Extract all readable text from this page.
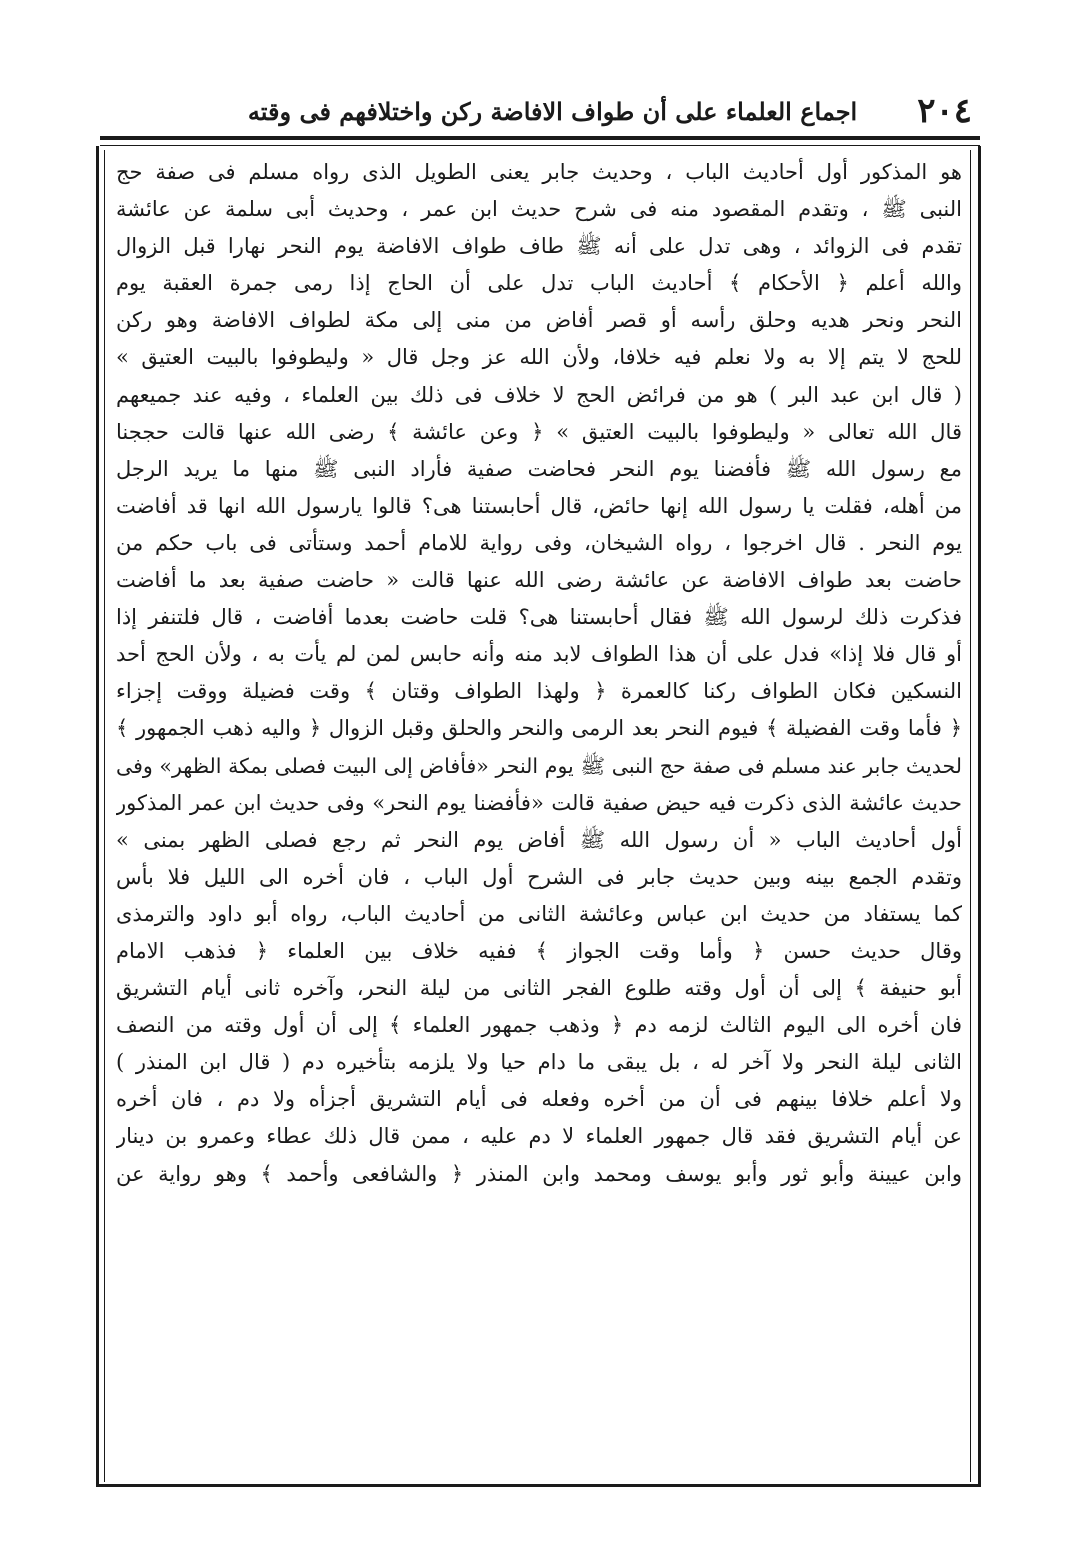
٢٠٤
اجماع العلماء على أن طواف الافاضة ركن واختلافهم فى وقته
هو المذكور أول أحاديث الباب ، وحديث جابر يعنى الطويل الذى رواه مسلم فى صفة حج
النبى ﷺ ، وتقدم المقصود منه فى شرح حديث ابن عمر ، وحديث أبى سلمة عن عائشة
تقدم فى الزوائد ، وهى تدل على أنه ﷺ طاف طواف الافاضة يوم النحر نهارا قبل الزوال
والله أعلم ﴿ الأحكام ﴾ أحاديث الباب تدل على أن الحاج إذا رمى جمرة العقبة يوم
النحر ونحر هديه وحلق رأسه أو قصر أفاض من منى إلى مكة لطواف الافاضة وهو ركن
للحج لا يتم إلا به ولا نعلم فيه خلافا، ولأن الله عز وجل قال « وليطوفوا بالبيت العتيق »
( قال ابن عبد البر ) هو من فرائض الحج لا خلاف فى ذلك بين العلماء ، وفيه عند جميعهم
قال الله تعالى « وليطوفوا بالبيت العتيق » ﴿ وعن عائشة ﴾ رضى الله عنها قالت حججنا
مع رسول الله ﷺ فأفضنا يوم النحر فحاضت صفية فأراد النبى ﷺ منها ما يريد الرجل
من أهله، فقلت يا رسول الله إنها حائض، قال أحابستنا هى؟ قالوا يارسول الله انها قد أفاضت
يوم النحر . قال اخرجوا ، رواه الشيخان، وفى رواية للامام أحمد وستأتى فى باب حكم من
حاضت بعد طواف الافاضة عن عائشة رضى الله عنها قالت « حاضت صفية بعد ما أفاضت
فذكرت ذلك لرسول الله ﷺ فقال أحابستنا هى؟ قلت حاضت بعدما أفاضت ، قال فلتنفر إذا
أو قال فلا إذا» فدل على أن هذا الطواف لابد منه وأنه حابس لمن لم يأت به ، ولأن الحج أحد
النسكين فكان الطواف ركنا كالعمرة ﴿ ولهذا الطواف وقتان ﴾ وقت فضيلة ووقت إجزاء
﴿ فأما وقت الفضيلة ﴾ فيوم النحر بعد الرمى والنحر والحلق وقبل الزوال ﴿ واليه ذهب الجمهور ﴾
لحديث جابر عند مسلم فى صفة حج النبى ﷺ يوم النحر «فأفاض إلى البيت فصلى بمكة الظهر» وفى
حديث عائشة الذى ذكرت فيه حيض صفية قالت «فأفضنا يوم النحر» وفى حديث ابن عمر المذكور
أول أحاديث الباب « أن رسول الله ﷺ أفاض يوم النحر ثم رجع فصلى الظهر بمنى »
وتقدم الجمع بينه وبين حديث جابر فى الشرح أول الباب ، فان أخره الى الليل فلا بأس
كما يستفاد من حديث ابن عباس وعائشة الثانى من أحاديث الباب، رواه أبو داود والترمذى
وقال حديث حسن ﴿ وأما وقت الجواز ﴾ ففيه خلاف بين العلماء ﴿ فذهب الامام
أبو حنيفة ﴾ إلى أن أول وقته طلوع الفجر الثانى من ليلة النحر، وآخره ثانى أيام التشريق
فان أخره الى اليوم الثالث لزمه دم ﴿ وذهب جمهور العلماء ﴾ إلى أن أول وقته من النصف
الثانى ليلة النحر ولا آخر له ، بل يبقى ما دام حيا ولا يلزمه بتأخيره دم ( قال ابن المنذر )
ولا أعلم خلافا بينهم فى أن من أخره وفعله فى أيام التشريق أجزأه ولا دم ، فان أخره
عن أيام التشريق فقد قال جمهور العلماء لا دم عليه ، ممن قال ذلك عطاء وعمرو بن دينار
وابن عيينة وأبو ثور وأبو يوسف ومحمد وابن المنذر ﴿ والشافعى وأحمد ﴾ وهو رواية عن
